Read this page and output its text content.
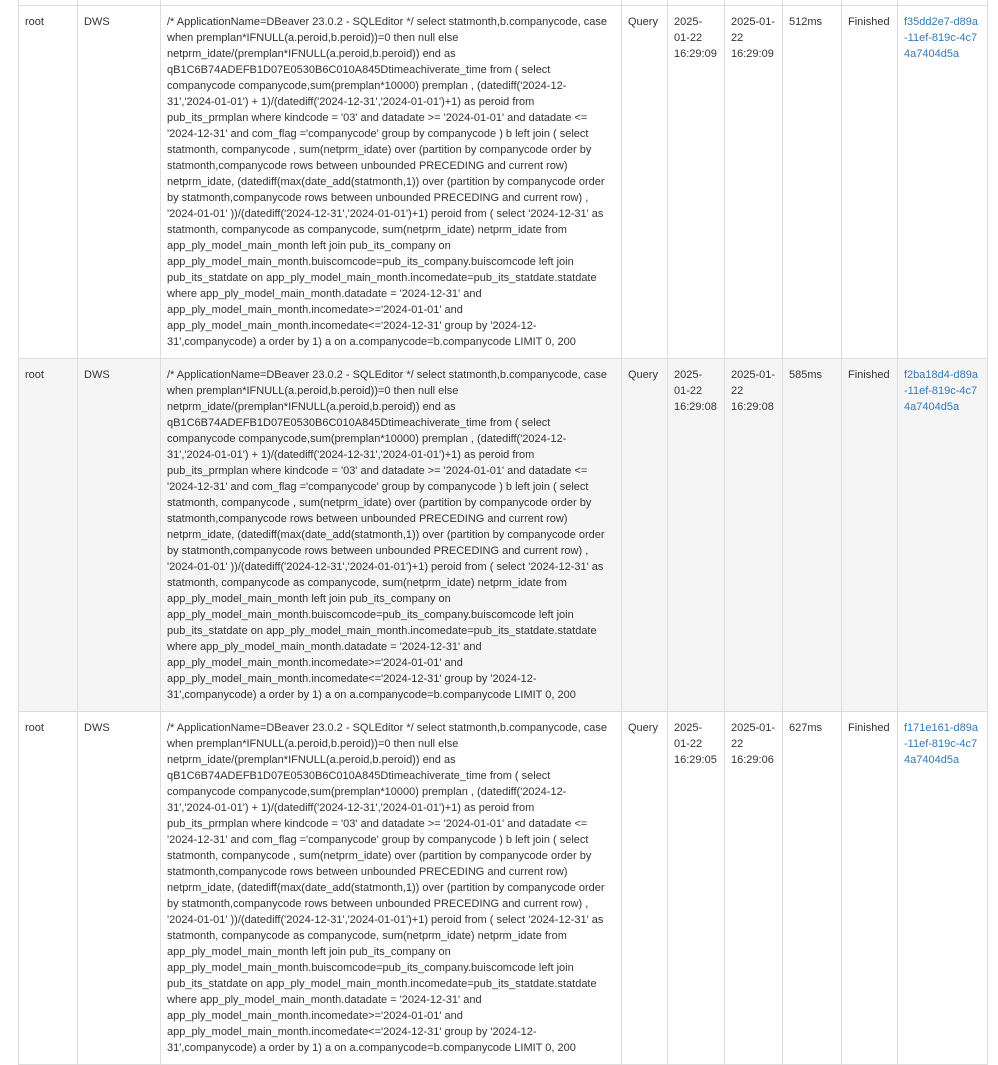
root	DWS	/* ApplicationName=DBeaver 23.0.2 - SQLEditor */ select statmonth,b.companycode, case when premplan*IFNULL(a.peroid,b.peroid))=0 then null else netprm_idate/(premplan*IFNULL(a.peroid,b.peroid)) end as qB1C6B74ADEFB1D07E0530B6C010A845Dtimeachiverate_time from ( select companycode companycode,sum(premplan*10000) premplan , (datediff('2024-12-31','2024-01-01') + 1)/(datediff('2024-12-31','2024-01-01')+1) as peroid from pub_its_prmplan where kindcode = '03' and datadate >= '2024-01-01' and datadate <= '2024-12-31' and com_flag ='companycode' group by companycode ) b left join ( select statmonth, companycode , sum(netprm_idate) over (partition by companycode order by statmonth,companycode rows between unbounded PRECEDING and current row) netprm_idate, (datediff(max(date_add(statmonth,1)) over (partition by companycode order by statmonth,companycode rows between unbounded PRECEDING and current row) , '2024-01-01' ))/(datediff('2024-12-31','2024-01-01')+1) peroid from ( select '2024-12-31' as statmonth, companycode as companycode, sum(netprm_idate) netprm_idate from app_ply_model_main_month left join pub_its_company on app_ply_model_main_month.buiscomcode=pub_its_company.buiscomcode left join pub_its_statdate on app_ply_model_main_month.incomedate=pub_its_statdate.statdate where app_ply_model_main_month.datadate = '2024-12-31' and app_ply_model_main_month.incomedate>='2024-01-01' and app_ply_model_main_month.incomedate<='2024-12-31' group by '2024-12-31',companycode) a order by 1) a on a.companycode=b.companycode LIMIT 0, 200	Query	2025-01-22 16:29:09	2025-01-22 16:29:09	512ms	Finished	f35dd2e7-d89a-11ef-819c-4c74a7404d5a
root	DWS	/* ApplicationName=DBeaver 23.0.2 - SQLEditor */ select statmonth,b.companycode, case when premplan*IFNULL(a.peroid,b.peroid))=0 then null else netprm_idate/(premplan*IFNULL(a.peroid,b.peroid)) end as qB1C6B74ADEFB1D07E0530B6C010A845Dtimeachiverate_time from ( select companycode companycode,sum(premplan*10000) premplan , (datediff('2024-12-31','2024-01-01') + 1)/(datediff('2024-12-31','2024-01-01')+1) as peroid from pub_its_prmplan where kindcode = '03' and datadate >= '2024-01-01' and datadate <= '2024-12-31' and com_flag ='companycode' group by companycode ) b left join ( select statmonth, companycode , sum(netprm_idate) over (partition by companycode order by statmonth,companycode rows between unbounded PRECEDING and current row) netprm_idate, (datediff(max(date_add(statmonth,1)) over (partition by companycode order by statmonth,companycode rows between unbounded PRECEDING and current row) , '2024-01-01' ))/(datediff('2024-12-31','2024-01-01')+1) peroid from ( select '2024-12-31' as statmonth, companycode as companycode, sum(netprm_idate) netprm_idate from app_ply_model_main_month left join pub_its_company on app_ply_model_main_month.buiscomcode=pub_its_company.buiscomcode left join pub_its_statdate on app_ply_model_main_month.incomedate=pub_its_statdate.statdate where app_ply_model_main_month.datadate = '2024-12-31' and app_ply_model_main_month.incomedate>='2024-01-01' and app_ply_model_main_month.incomedate<='2024-12-31' group by '2024-12-31',companycode) a order by 1) a on a.companycode=b.companycode LIMIT 0, 200	Query	2025-01-22 16:29:08	2025-01-22 16:29:08	585ms	Finished	f2ba18d4-d89a-11ef-819c-4c74a7404d5a
root	DWS	/* ApplicationName=DBeaver 23.0.2 - SQLEditor */ select statmonth,b.companycode, case when premplan*IFNULL(a.peroid,b.peroid))=0 then null else netprm_idate/(premplan*IFNULL(a.peroid,b.peroid)) end as qB1C6B74ADEFB1D07E0530B6C010A845Dtimeachiverate_time from ( select companycode companycode,sum(premplan*10000) premplan , (datediff('2024-12-31','2024-01-01') + 1)/(datediff('2024-12-31','2024-01-01')+1) as peroid from pub_its_prmplan where kindcode = '03' and datadate >= '2024-01-01' and datadate <= '2024-12-31' and com_flag ='companycode' group by companycode ) b left join ( select statmonth, companycode , sum(netprm_idate) over (partition by companycode order by statmonth,companycode rows between unbounded PRECEDING and current row) netprm_idate, (datediff(max(date_add(statmonth,1)) over (partition by companycode order by statmonth,companycode rows between unbounded PRECEDING and current row) , '2024-01-01' ))/(datediff('2024-12-31','2024-01-01')+1) peroid from ( select '2024-12-31' as statmonth, companycode as companycode, sum(netprm_idate) netprm_idate from app_ply_model_main_month left join pub_its_company on app_ply_model_main_month.buiscomcode=pub_its_company.buiscomcode left join pub_its_statdate on app_ply_model_main_month.incomedate=pub_its_statdate.statdate where app_ply_model_main_month.datadate = '2024-12-31' and app_ply_model_main_month.incomedate>='2024-01-01' and app_ply_model_main_month.incomedate<='2024-12-31' group by '2024-12-31',companycode) a order by 1) a on a.companycode=b.companycode LIMIT 0, 200	Query	2025-01-22 16:29:05	2025-01-22 16:29:06	627ms	Finished	f171e161-d89a-11ef-819c-4c74a7404d5a
